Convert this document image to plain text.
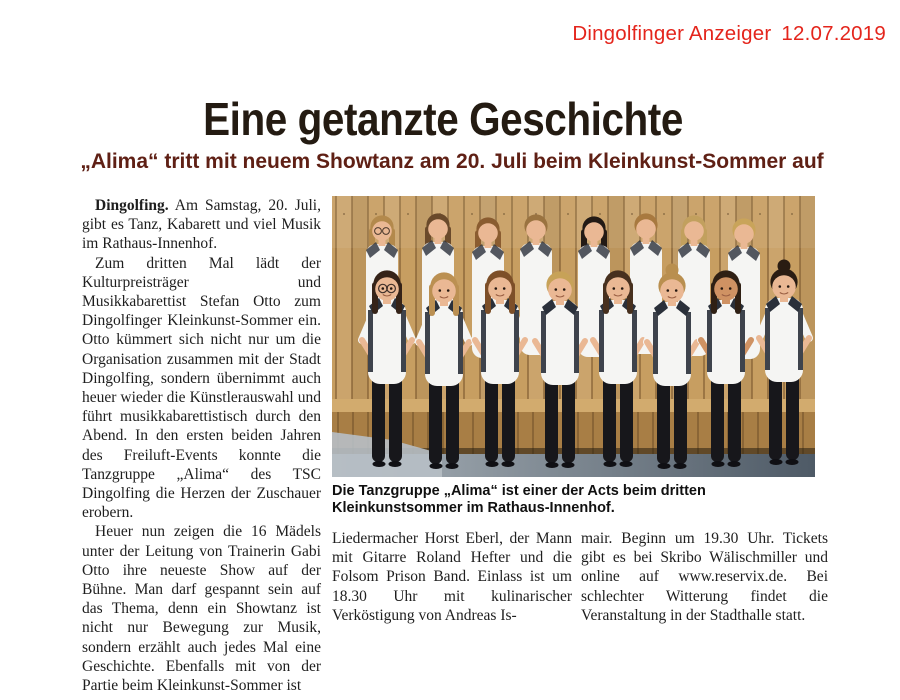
Dingolfinger Anzeiger 12.07.2019
Eine getanzte Geschichte
„Alima“ tritt mit neuem Showtanz am 20. Juli beim Kleinkunst-Sommer auf

Dingolfing. Am Samstag, 20. Juli, gibt es Tanz, Kabarett und viel Musik im Rathaus-Innenhof.

Zum dritten Mal lädt der Kulturpreisträger und Musikkabarettist Stefan Otto zum Dingolfinger Kleinkunst-Sommer ein. Otto kümmert sich nicht nur um die Organisation zusammen mit der Stadt Dingolfing, sondern übernimmt auch heuer wieder die Künstlerauswahl und führt musikkabarettistisch durch den Abend. In den ersten beiden Jahren des Freiluft-Events konnte die Tanzgruppe „Alima“ des TSC Dingolfing die Herzen der Zuschauer erobern.

Heuer nun zeigen die 16 Mädels unter der Leitung von Trainerin Gabi Otto ihre neueste Show auf der Bühne. Man darf gespannt sein auf das Thema, denn ein Showtanz ist nicht nur Bewegung zur Musik, sondern erzählt auch jedes Mal eine Geschichte. Ebenfalls mit von der Partie beim Kleinkunst-Sommer ist

Die Tanzgruppe „Alima“ ist einer der Acts beim dritten Kleinkunstsommer im Rathaus-Innenhof.

Liedermacher Horst Eberl, der Mann mit Gitarre Roland Hefter und die Folsom Prison Band. Einlass ist um 18.30 Uhr mit kulinarischer Verköstigung von Andreas Is-

mair. Beginn um 19.30 Uhr. Tickets gibt es bei Skribo Wälischmiller und online auf www.reservix.de. Bei schlechter Witterung findet die Veranstaltung in der Stadthalle statt.
